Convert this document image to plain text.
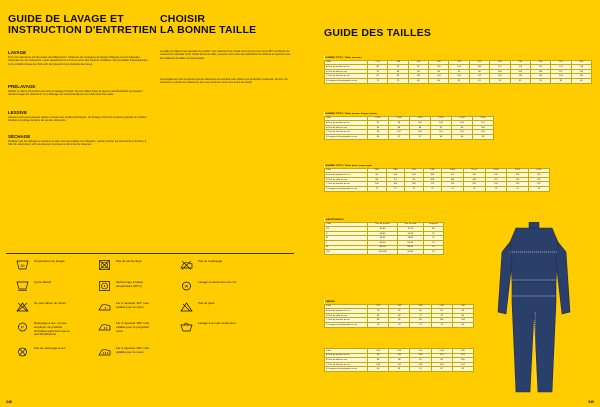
GUIDE DE LAVAGE ET
INSTRUCTION D'ENTRETIEN
LAVAGE

Tous nos vêtements ont été testés scientifiquement. Observez les consignes de lavage indiquées sur les étiquettes d'entretien de vos vêtements. Laver séparément et à l'envers avec des couleurs similaires. Ne pas utiliser d'assouplissant ni de produits à base de chlore afin de préserver les propriétés des tissus.

PRÉLAVAGE

Utilisez le même sommelier que celui du lavage principal. Ne pas utiliser d'eau de javel ou de détachants qui risquent d'endommager les vêtements. Un prélavage est recommandé pour les vêtements très sales.

LESSIVE

Assurez-vous que la lessive utilisée convient aux textiles techniques. Un dosage correct de la lessive garantit un meilleur résultat et prolonge la durée de vie des vêtements.

SÉCHAGE

N'utilisez pas de séchage en tambour si cela n'est pas indiqué sur l'étiquette. Laissez sécher les vêtements à l'air libre, à l'abri du soleil direct, afin de préserver la couleur et la forme du vêtement.

30
Température de lavage
Cycle délicat
Ne pas utiliser de chlore
P
Nettoyage à sec, ne pas employer de produits chimiques plus forts que le perchloréthylène
Pas de nettoyage à sec
Pas de sèche-linge
Sèche-linge à basse température (60°C)
Fer à repasser 110° max. valable pour le nylon
Fer à repasser 150° max. valable pour le polyester/ coton
Fer à repasser 200° max. valable pour le coton
Pas de repassage
W
Lavage professionnel du cuir
Pas de javel
Lavage à la main seulement
348
CHOISIR
LA BONNE TAILLE

La taille est d'abord une question de confort. Nos vêtements de travail sont conçus pour vous offrir une liberté de mouvement optimale. Pour choisir la bonne taille, mesurez-vous selon les indications du schéma et reportez-vous aux tableaux de tailles correspondants.

Il est également très important que les vêtements de sécurité vous offrent une protection maximale. Prenez vos mesures en portant les vêtements que vous porterez sous votre tenue de travail.

GUIDE DES TAILLES
349
NUMBER TYPE 1: Tailles normales											
Taille	C44	C46	C48	C50	C52	C54	C56	C58	C60	C62	C64
A Tour de poitrine en cm	88	92	96	100	104	108	112	116	120	124	128
B Tour de taille en cm	76	80	84	88	92	96	100	104	108	112	116
C Tour de hanche en cm	92	96	100	104	108	112	116	120	124	128	132
D Longueur d'entrejambe en cm	79	79	80	80	81	81	82	82	83	83	84
NUMBER TYPE 2: Tailles courtes, longues jambes						
Taille	C146	C148	C150	C152	C154	C156
A Tour de poitrine en cm	92	96	100	104	108	112
B Tour de taille en cm	80	84	88	92	96	100
C Tour de hanche en cm	98	102	106	110	114	118
D Longueur d'entrejambe en cm	86	87	87	88	88	89
NUMBER TYPE 3: Tailles petits, corps ample									
Taille	D84	D88	D92	D96	D100	D104	D108	D112	D116
A Tour de poitrine en cm	96	100	104	108	112	116	120	124	128
B Tour de taille en cm	88	92	96	100	104	108	112	116	120
C Tour de hanche en cm	100	104	108	112	116	120	124	128	132
D Longueur d'entrejambe en cm	72	73	73	74	74	75	75	76	76
SURVÊTEMENTS			
Taille	Tour de poitrine	Tour de taille	Longueur
XS	82-86	70-74	68
S	86-90	74-78	70
M	90-94	78-82	72
L	94-98	82-86	74
XL	98-102	86-90	76
XXL	102-106	90-94	78
FEMMES					
Taille	C32	C34	C36	C38	C40
A Tour de poitrine en cm	78	82	86	90	94
B Tour de taille en cm	64	68	72	76	80
C Tour de hanche en cm	88	92	96	100	104
D Longueur d'entrejambe en cm	78	78	79	79	80
Taille	C42	C44	C46	C48	C50
A Tour de poitrine en cm	98	102	106	110	114
B Tour de taille en cm	84	88	92	96	100
C Tour de hanche en cm	108	112	116	120	124
D Longueur d'entrejambe en cm	80	81	81	82	82
